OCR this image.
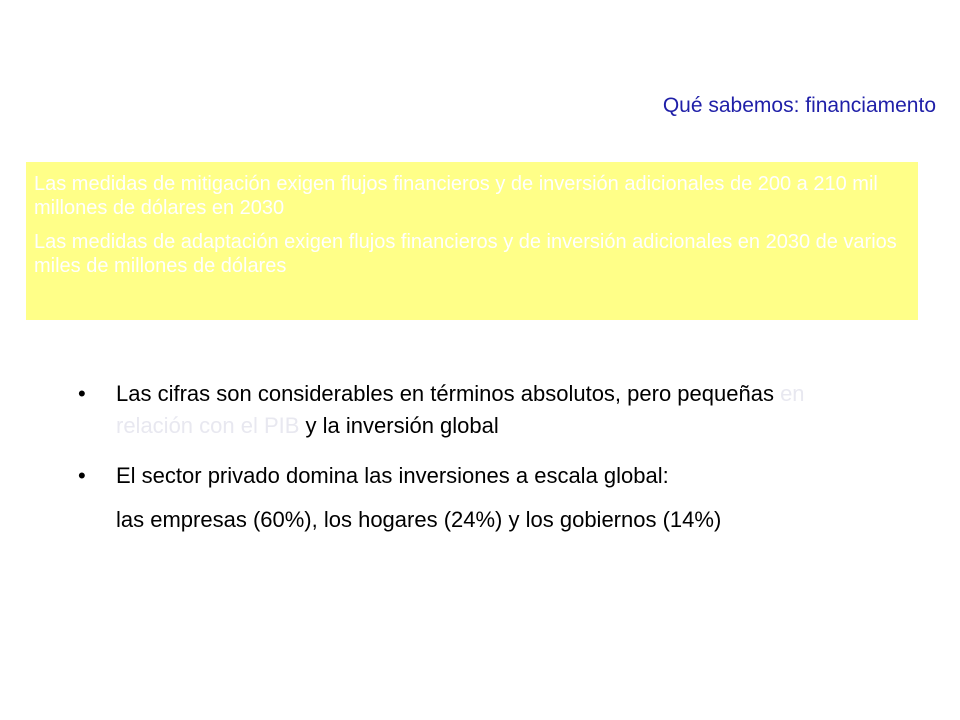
Qué sabemos: financiamento

Las medidas de mitigación exigen flujos financieros y de inversión adicionales de 200 a 210 mil millones de dólares en 2030

Las medidas de adaptación exigen flujos financieros y de inversión adicionales en 2030 de varios miles de millones de dólares

•	Las cifras son considerables en términos absolutos, pero pequeñas en relación con el PIB y la inversión global
•	El sector privado domina las inversiones a escala global:
las empresas (60%), los hogares (24%) y los gobiernos (14%)
